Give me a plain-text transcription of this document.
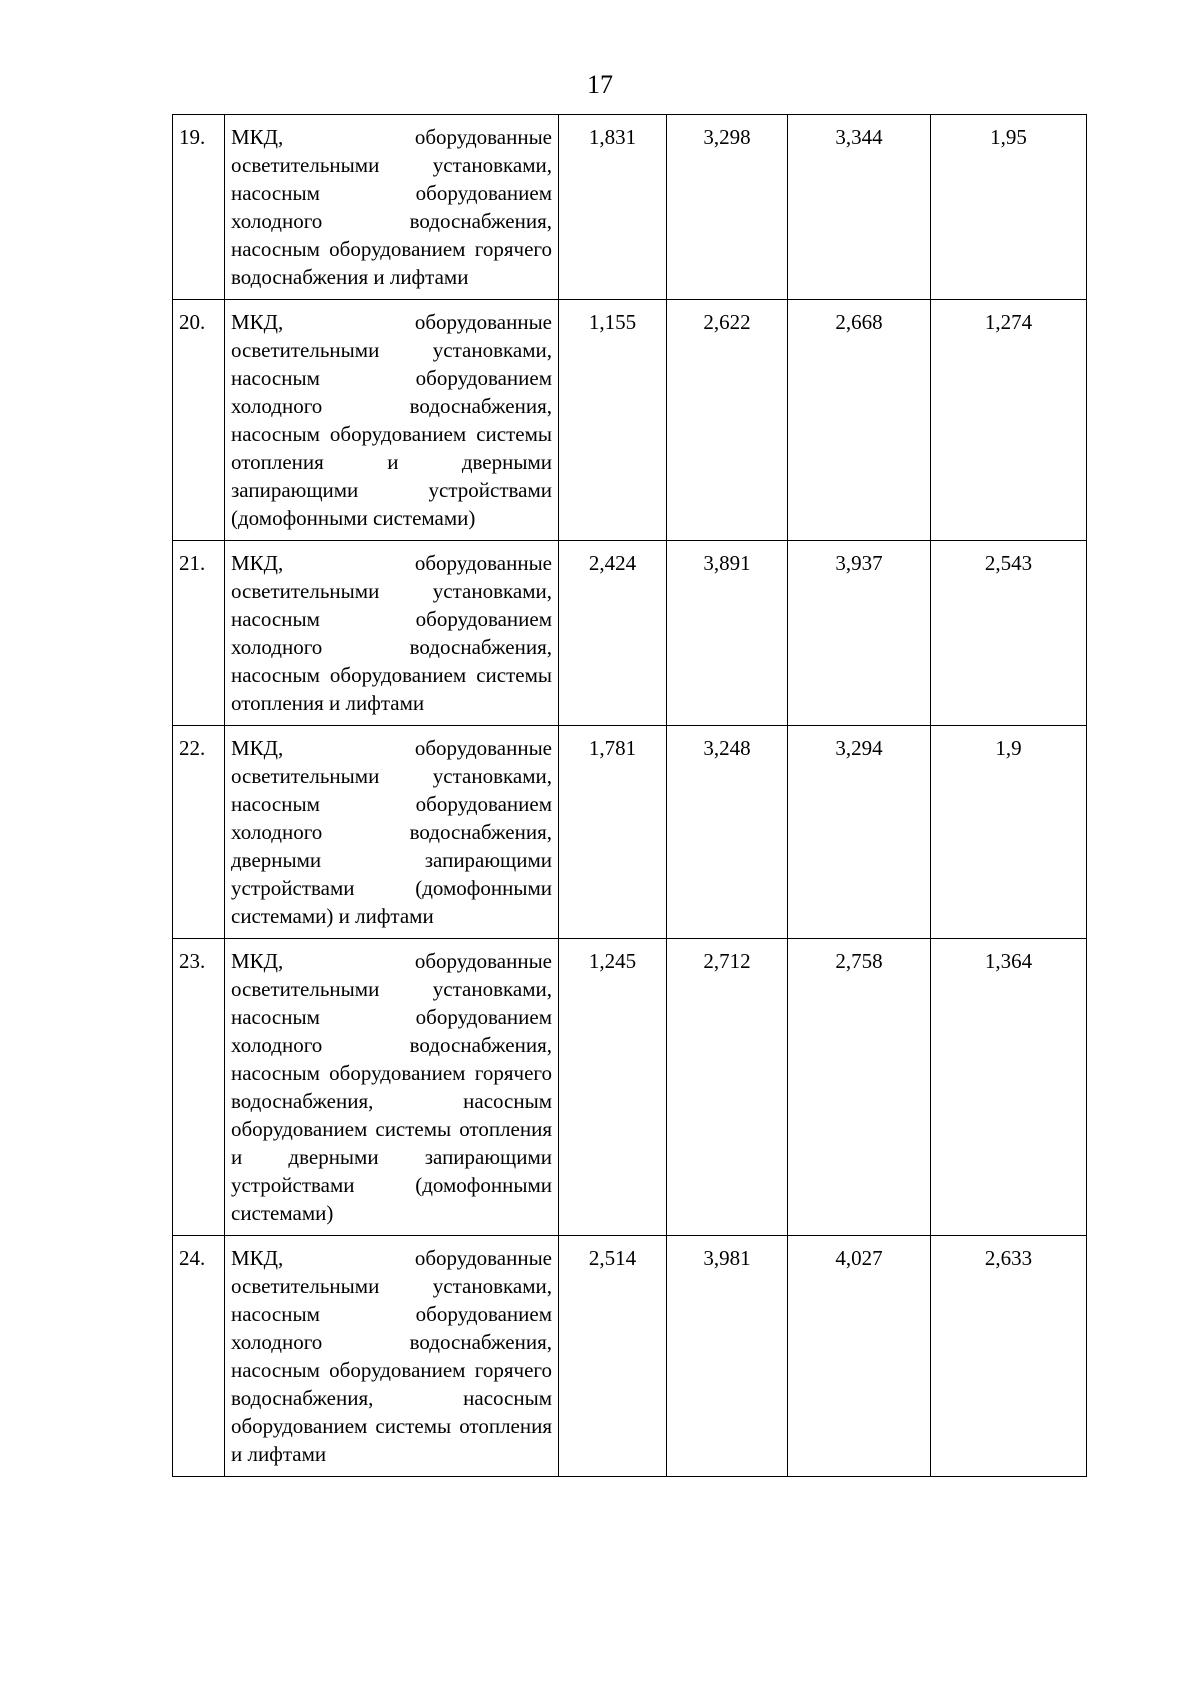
17
19.	МКД, оборудованные осветительными установками, насосным оборудованием холодного водоснабжения, насосным оборудованием горячего водоснабжения и лифтами	1,831	3,298	3,344	1,95
20.	МКД, оборудованные осветительными установками, насосным оборудованием холодного водоснабжения, насосным оборудованием системы отопления и дверными запирающими устройствами (домофонными системами)	1,155	2,622	2,668	1,274
21.	МКД, оборудованные осветительными установками, насосным оборудованием холодного водоснабжения, насосным оборудованием системы отопления и лифтами	2,424	3,891	3,937	2,543
22.	МКД, оборудованные осветительными установками, насосным оборудованием холодного водоснабжения, дверными запирающими устройствами (домофонными системами) и лифтами	1,781	3,248	3,294	1,9
23.	МКД, оборудованные осветительными установками, насосным оборудованием холодного водоснабжения, насосным оборудованием горячего водоснабжения, насосным оборудованием системы отопления и дверными запирающими устройствами (домофонными системами)	1,245	2,712	2,758	1,364
24.	МКД, оборудованные осветительными установками, насосным оборудованием холодного водоснабжения, насосным оборудованием горячего водоснабжения, насосным оборудованием системы отопления и лифтами	2,514	3,981	4,027	2,633
